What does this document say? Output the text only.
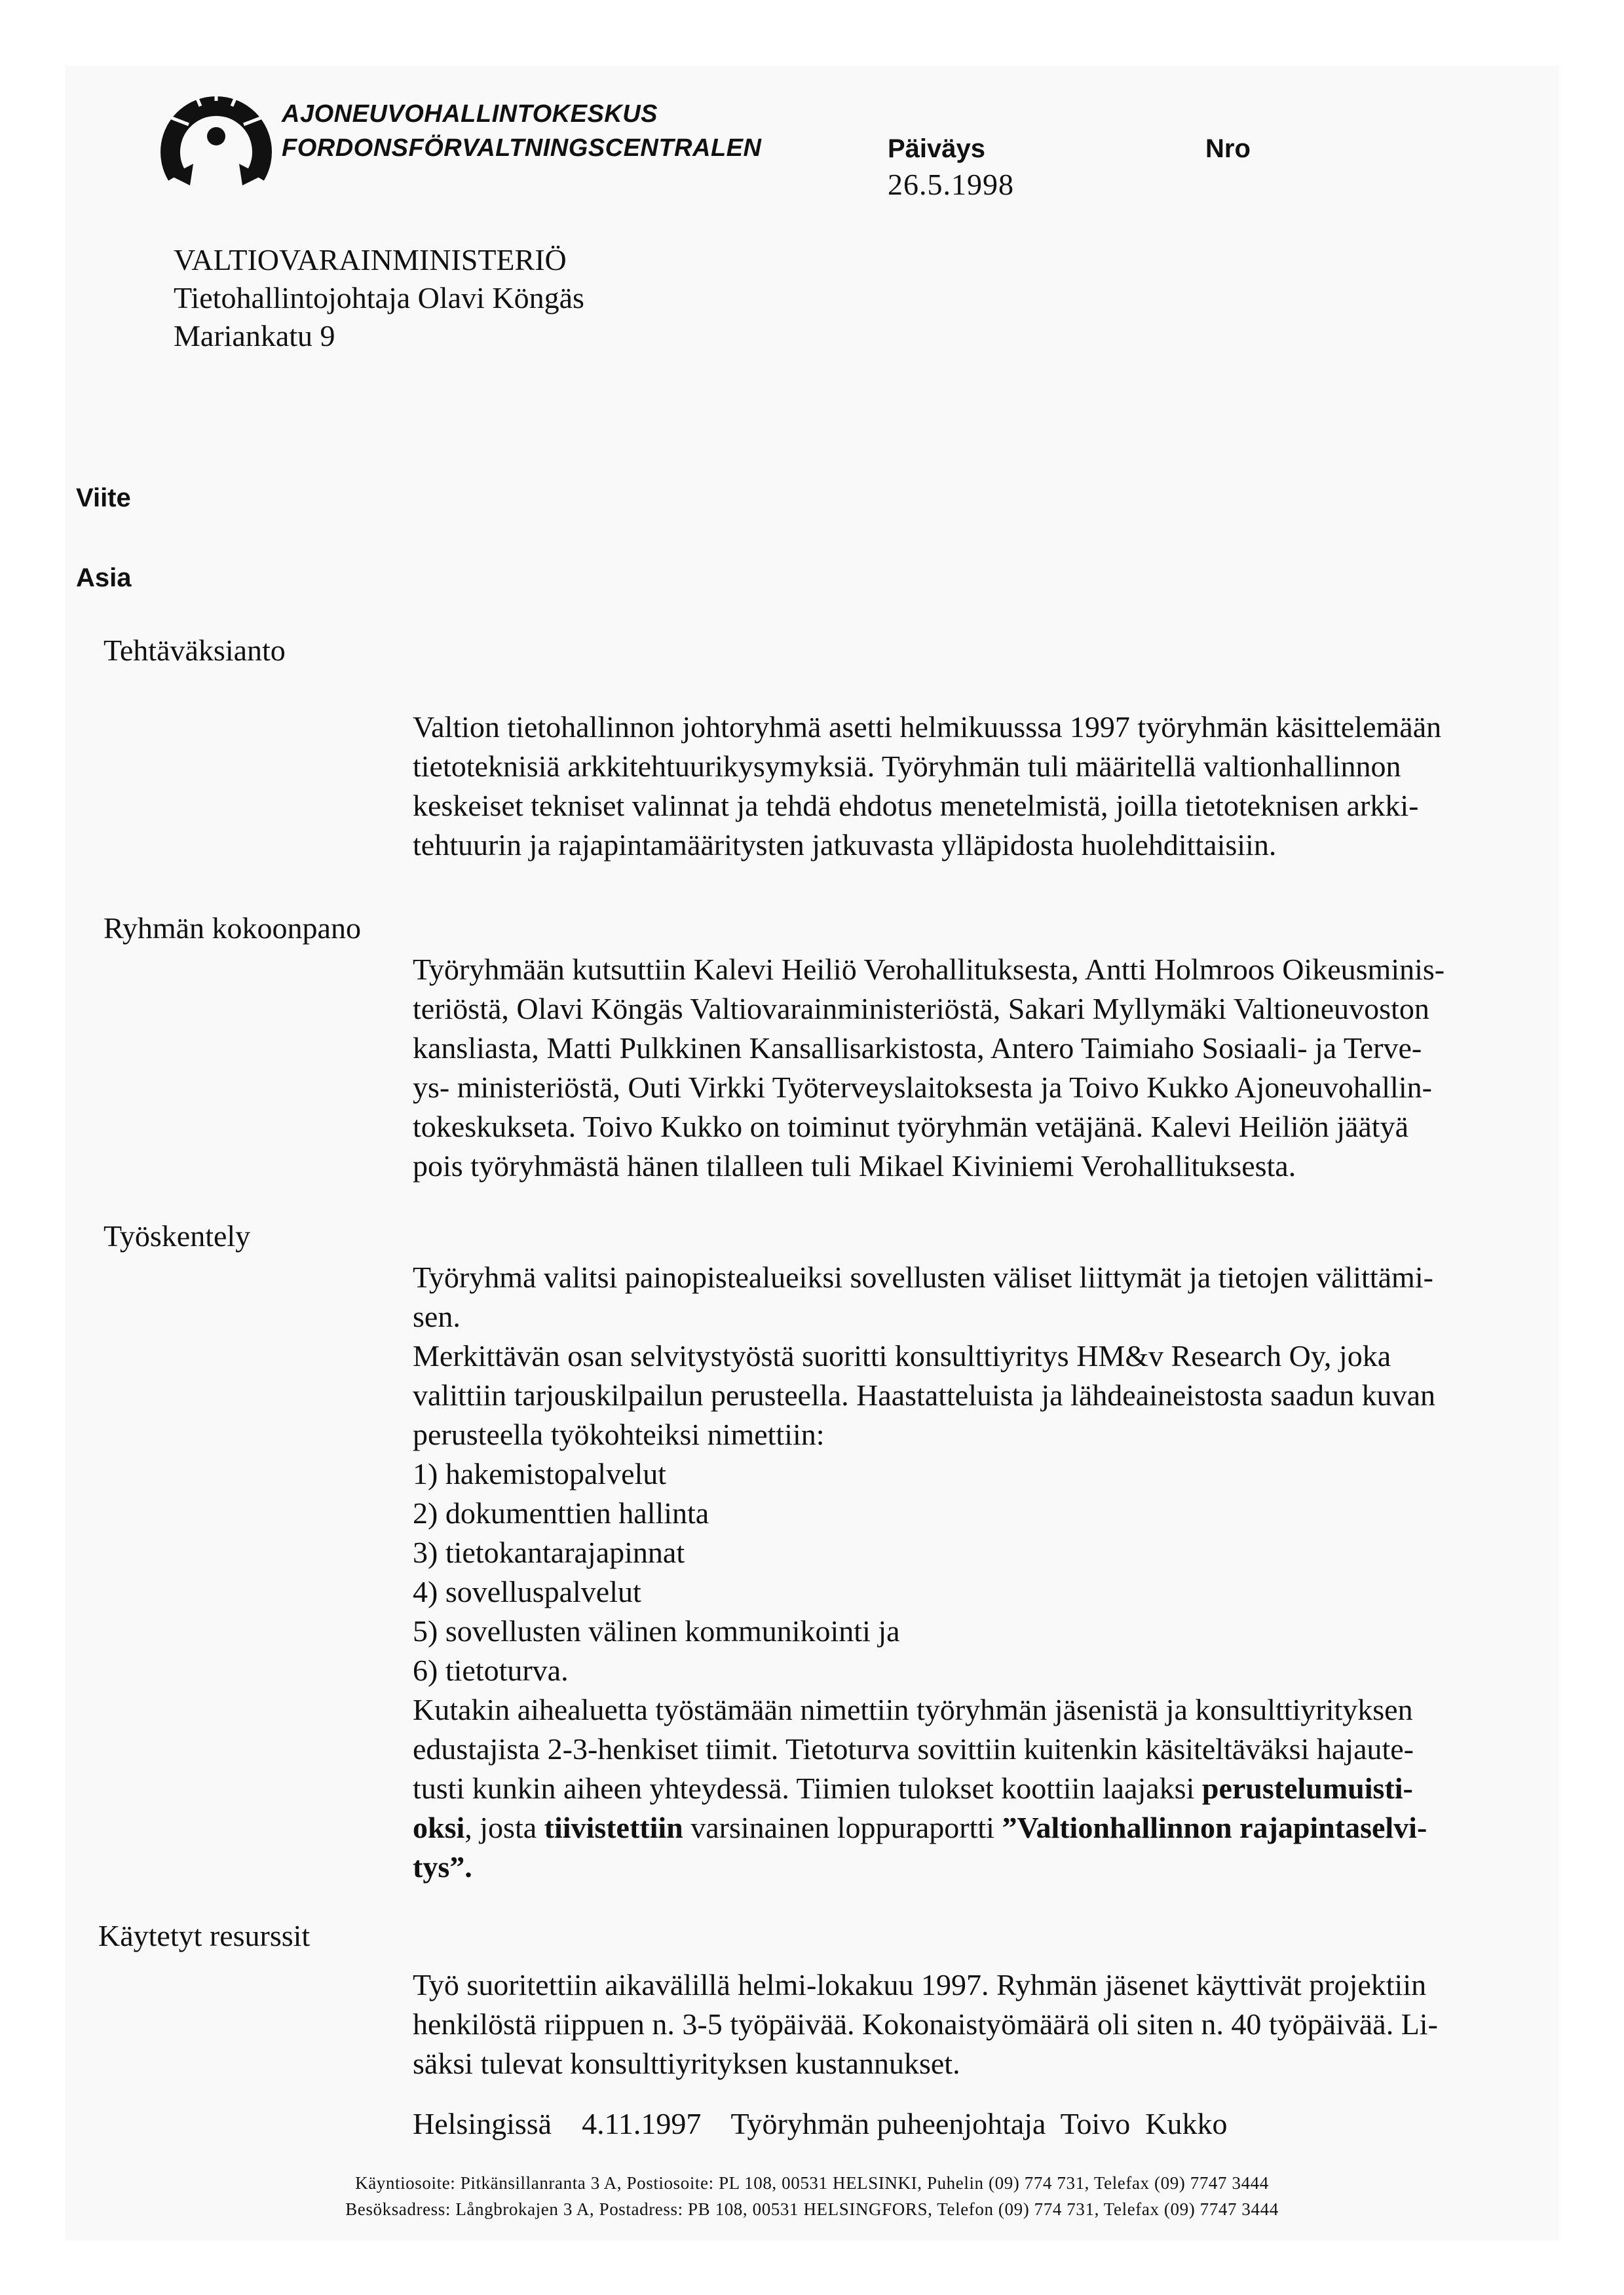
AJONEUVOHALLINTOKESKUS
FORDONSFÖRVALTNINGSCENTRALEN	Päiväys
26.5.1998
Nro
VALTIOVARAINMINISTERIÖ
Tietohallintojohtaja Olavi Köngäs
Mariankatu 9
Viite
Asia
Tehtäväksianto
Valtion tietohallinnon johtoryhmä asetti helmikuusssa 1997 työryhmän käsittelemään
tietoteknisiä arkkitehtuurikysymyksiä. Työryhmän tuli määritellä valtionhallinnon
keskeiset tekniset valinnat ja tehdä ehdotus menetelmistä, joilla tietoteknisen arkki-
tehtuurin ja rajapintamääritysten jatkuvasta ylläpidosta huolehdittaisiin.
Ryhmän kokoonpano
Työryhmään kutsuttiin Kalevi Heiliö Verohallituksesta, Antti Holmroos Oikeusminis-
teriöstä, Olavi Köngäs Valtiovarainministeriöstä, Sakari Myllymäki Valtioneuvoston
kansliasta, Matti Pulkkinen Kansallisarkistosta, Antero Taimiaho Sosiaali- ja Terve-
ys- ministeriöstä, Outi Virkki Työterveyslaitoksesta ja Toivo Kukko Ajoneuvohallin-
tokeskukseta. Toivo Kukko on toiminut työryhmän vetäjänä. Kalevi Heiliön jäätyä
pois työryhmästä hänen tilalleen tuli Mikael Kiviniemi Verohallituksesta.
Työskentely
Työryhmä valitsi painopistealueiksi sovellusten väliset liittymät ja tietojen välittämi-
sen.
Merkittävän osan selvitystyöstä suoritti konsulttiyritys HM&v Research Oy, joka
valittiin tarjouskilpailun perusteella. Haastatteluista ja lähdeaineistosta saadun kuvan
perusteella työkohteiksi nimettiin:
1) hakemistopalvelut
2) dokumenttien hallinta
3) tietokantarajapinnat
4) sovelluspalvelut
5) sovellusten välinen kommunikointi ja
6) tietoturva.
Kutakin aihealuetta työstämään nimettiin työryhmän jäsenistä ja konsulttiyrityksen
edustajista 2-3-henkiset tiimit. Tietoturva sovittiin kuitenkin käsiteltäväksi hajaute-
tusti kunkin aiheen yhteydessä. Tiimien tulokset koottiin laajaksi perustelumuisti-
oksi, josta tiivistettiin varsinainen loppuraportti ”Valtionhallinnon rajapintaselvi-
tys”.
Käytetyt resurssit
Työ suoritettiin aikavälillä helmi-lokakuu 1997. Ryhmän jäsenet käyttivät projektiin
henkilöstä riippuen n. 3-5 työpäivää. Kokonaistyömäärä oli siten n. 40 työpäivää. Li-
säksi tulevat konsulttiyrityksen kustannukset.
Helsingissä    4.11.1997    Työryhmän puheenjohtaja  Toivo  Kukko
Käyntiosoite: Pitkänsillanranta 3 A, Postiosoite: PL 108, 00531 HELSINKI, Puhelin (09) 774 731, Telefax (09) 7747 3444
Besöksadress: Långbrokajen 3 A, Postadress: PB 108, 00531 HELSINGFORS, Telefon (09) 774 731, Telefax (09) 7747 3444
